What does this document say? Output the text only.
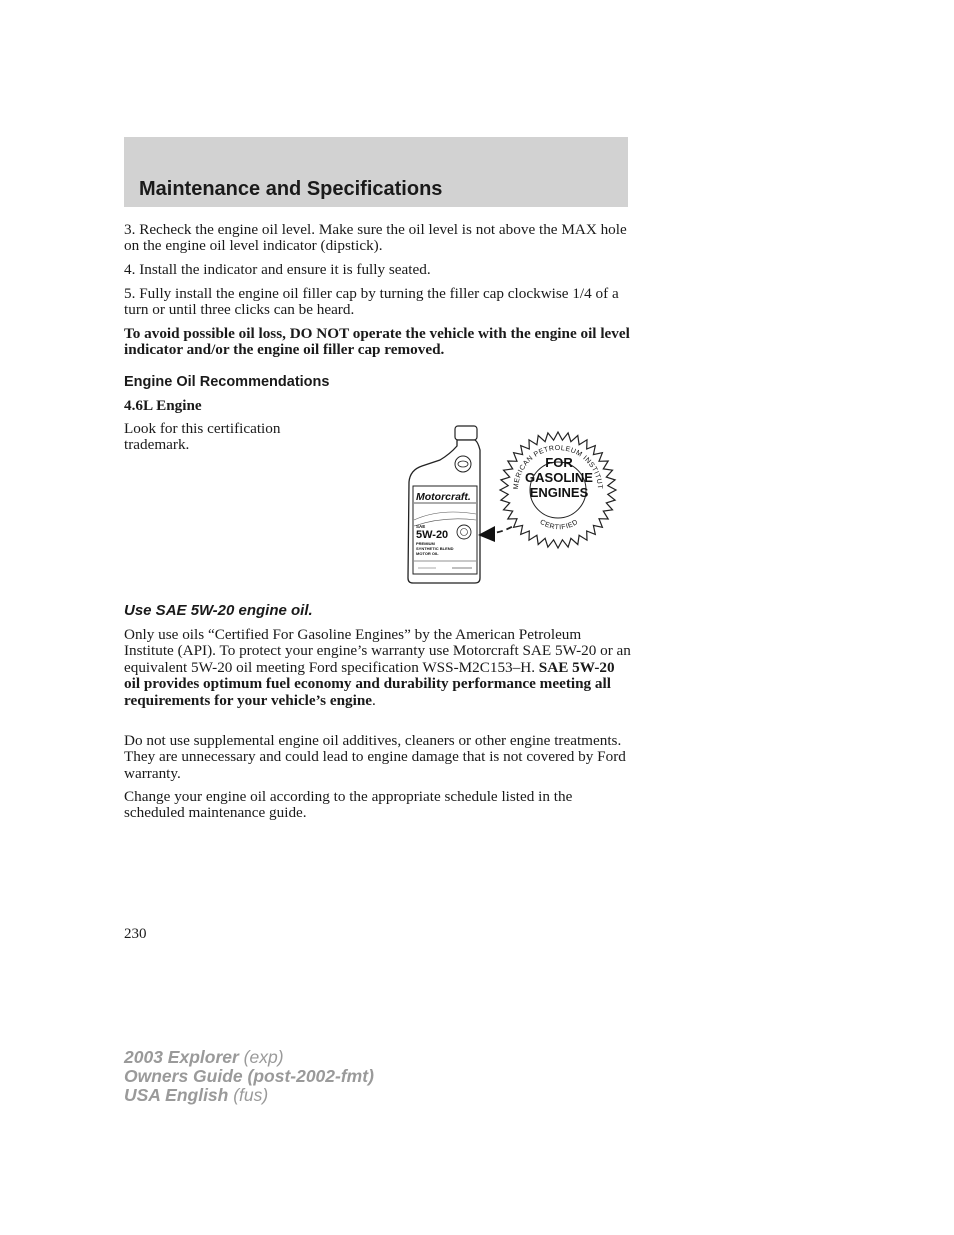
Maintenance and Specifications

3. Recheck the engine oil level. Make sure the oil level is not above the MAX hole on the engine oil level indicator (dipstick).

4. Install the indicator and ensure it is fully seated.

5. Fully install the engine oil filler cap by turning the filler cap clockwise 1/4 of a turn or until three clicks can be heard.

To avoid possible oil loss, DO NOT operate the vehicle with the engine oil level indicator and/or the engine oil filler cap removed.

Engine Oil Recommendations

4.6L Engine

Look for this certification trademark.

Motorcraft.
SAE
5W-20
PREMIUM
SYNTHETIC BLEND
MOTOR OIL
MERICAN PETROLEUM INSTITUT
CERTIFIED
FOR
GASOLINE
ENGINES
Use SAE 5W-20 engine oil.

Only use oils “Certified For Gasoline Engines” by the American Petroleum Institute (API). To protect your engine’s warranty use Motorcraft SAE 5W-20 or an equivalent 5W-20 oil meeting Ford specification WSS-M2C153–H. SAE 5W-20 oil provides optimum fuel economy and durability performance meeting all requirements for your vehicle’s engine.

Do not use supplemental engine oil additives, cleaners or other engine treatments. They are unnecessary and could lead to engine damage that is not covered by Ford warranty.

Change your engine oil according to the appropriate schedule listed in the scheduled maintenance guide.

230
2003 Explorer (exp)
Owners Guide (post-2002-fmt)
USA English (fus)
